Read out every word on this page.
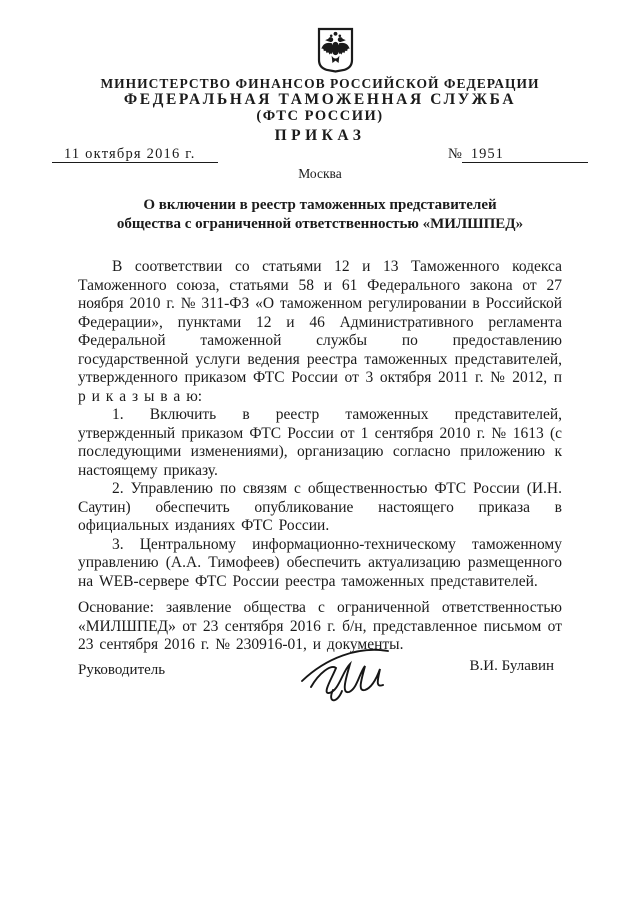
МИНИСТЕРСТВО ФИНАНСОВ РОССИЙСКОЙ ФЕДЕРАЦИИ
ФЕДЕРАЛЬНАЯ ТАМОЖЕННАЯ СЛУЖБА
(ФТС РОССИИ)
ПРИКАЗ
11 октября 2016 г.	№ 1951
Москва
О включении в реестр таможенных представителей
общества с ограниченной ответственностью «МИЛШПЕД»

В соответствии со статьями 12 и 13 Таможенного кодекса Таможенного союза, статьями 58 и 61 Федерального закона от 27 ноября 2010 г. № 311-ФЗ «О таможенном регулировании в Российской Федерации», пунктами 12 и 46 Административного регламента Федеральной таможенной службы по предоставлению государственной услуги ведения реестра таможенных представителей, утвержденного приказом ФТС России от 3 октября 2011 г. № 2012, п р и к а з ы в а ю:

1. Включить в реестр таможенных представителей, утвержденный приказом ФТС России от 1 сентября 2010 г. № 1613 (с последующими изменениями), организацию согласно приложению к настоящему приказу.

2. Управлению по связям с общественностью ФТС России (И.Н. Саутин) обеспечить опубликование настоящего приказа в официальных изданиях ФТС России.

3. Центральному информационно-техническому таможенному управлению (А.А. Тимофеев) обеспечить актуализацию размещенного на WEB-сервере ФТС России реестра таможенных представителей.

Основание: заявление общества с ограниченной ответственностью «МИЛШПЕД» от 23 сентября 2016 г. б/н, представленное письмом от 23 сентября 2016 г. № 230916-01, и документы.

Руководитель	В.И. Булавин
